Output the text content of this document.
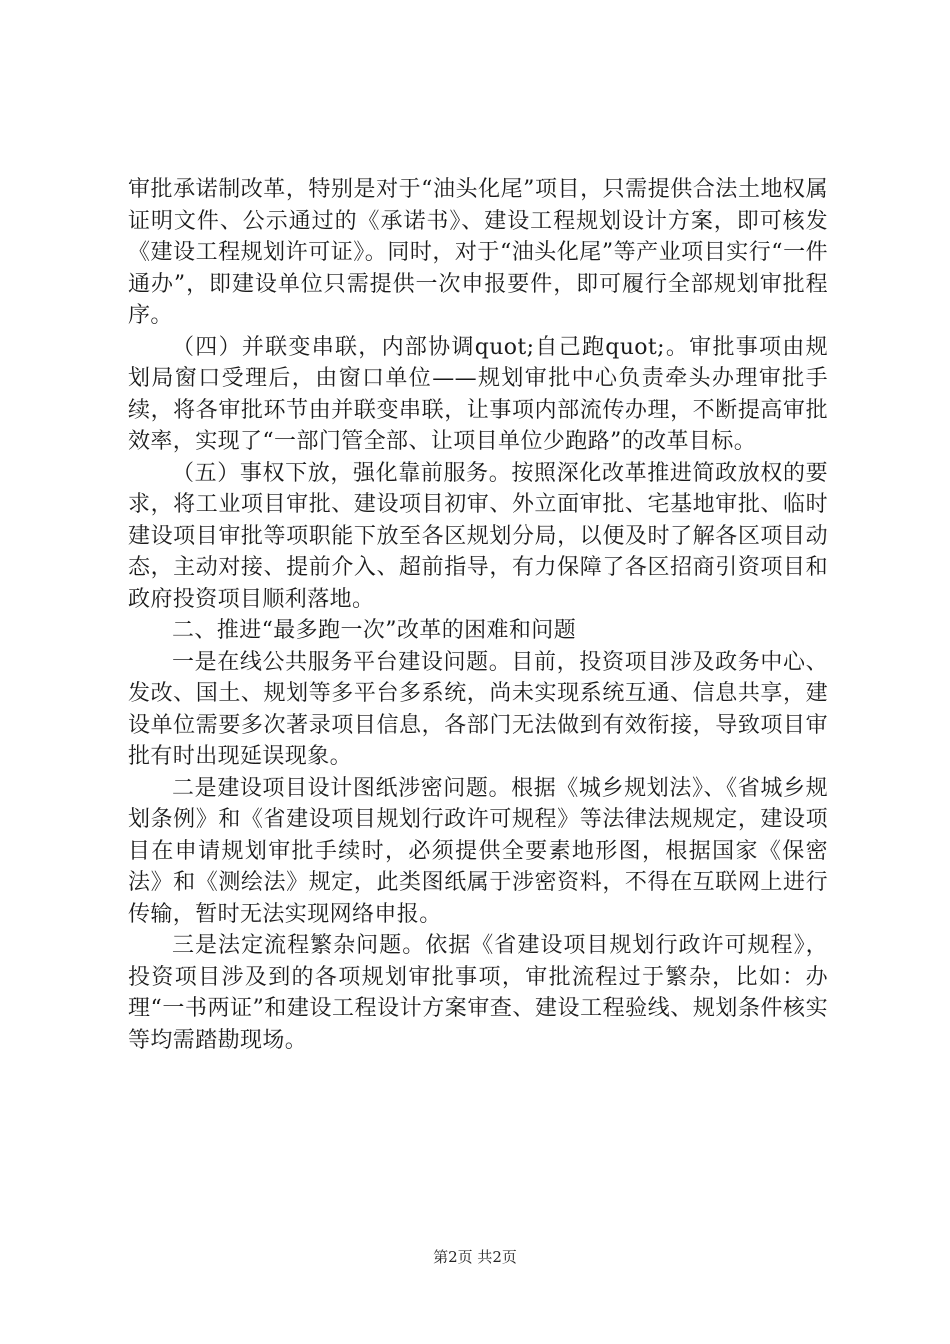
审批承诺制改革，特别是对于“油头化尾”项目，只需提供合法土地权属证明文件、公示通过的《承诺书》、建设工程规划设计方案，即可核发《建设工程规划许可证》。同时，对于“油头化尾”等产业项目实行“一件通办”，即建设单位只需提供一次申报要件，即可履行全部规划审批程序。

（四）并联变串联，内部协调quot;自己跑quot;。审批事项由规划局窗口受理后，由窗口单位——规划审批中心负责牵头办理审批手续，将各审批环节由并联变串联，让事项内部流传办理，不断提高审批效率，实现了“一部门管全部、让项目单位少跑路”的改革目标。

（五）事权下放，强化靠前服务。按照深化改革推进简政放权的要求，将工业项目审批、建设项目初审、外立面审批、宅基地审批、临时建设项目审批等项职能下放至各区规划分局，以便及时了解各区项目动态，主动对接、提前介入、超前指导，有力保障了各区招商引资项目和政府投资项目顺利落地。

二、推进“最多跑一次”改革的困难和问题

一是在线公共服务平台建设问题。目前，投资项目涉及政务中心、发改、国土、规划等多平台多系统，尚未实现系统互通、信息共享，建设单位需要多次著录项目信息，各部门无法做到有效衔接，导致项目审批有时出现延误现象。

二是建设项目设计图纸涉密问题。根据《城乡规划法》、《省城乡规划条例》和《省建设项目规划行政许可规程》等法律法规规定，建设项目在申请规划审批手续时，必须提供全要素地形图，根据国家《保密法》和《测绘法》规定，此类图纸属于涉密资料，不得在互联网上进行传输，暂时无法实现网络申报。

三是法定流程繁杂问题。依据《省建设项目规划行政许可规程》，投资项目涉及到的各项规划审批事项，审批流程过于繁杂，比如：办理“一书两证”和建设工程设计方案审查、建设工程验线、规划条件核实等均需踏勘现场。

第2页 共2页
